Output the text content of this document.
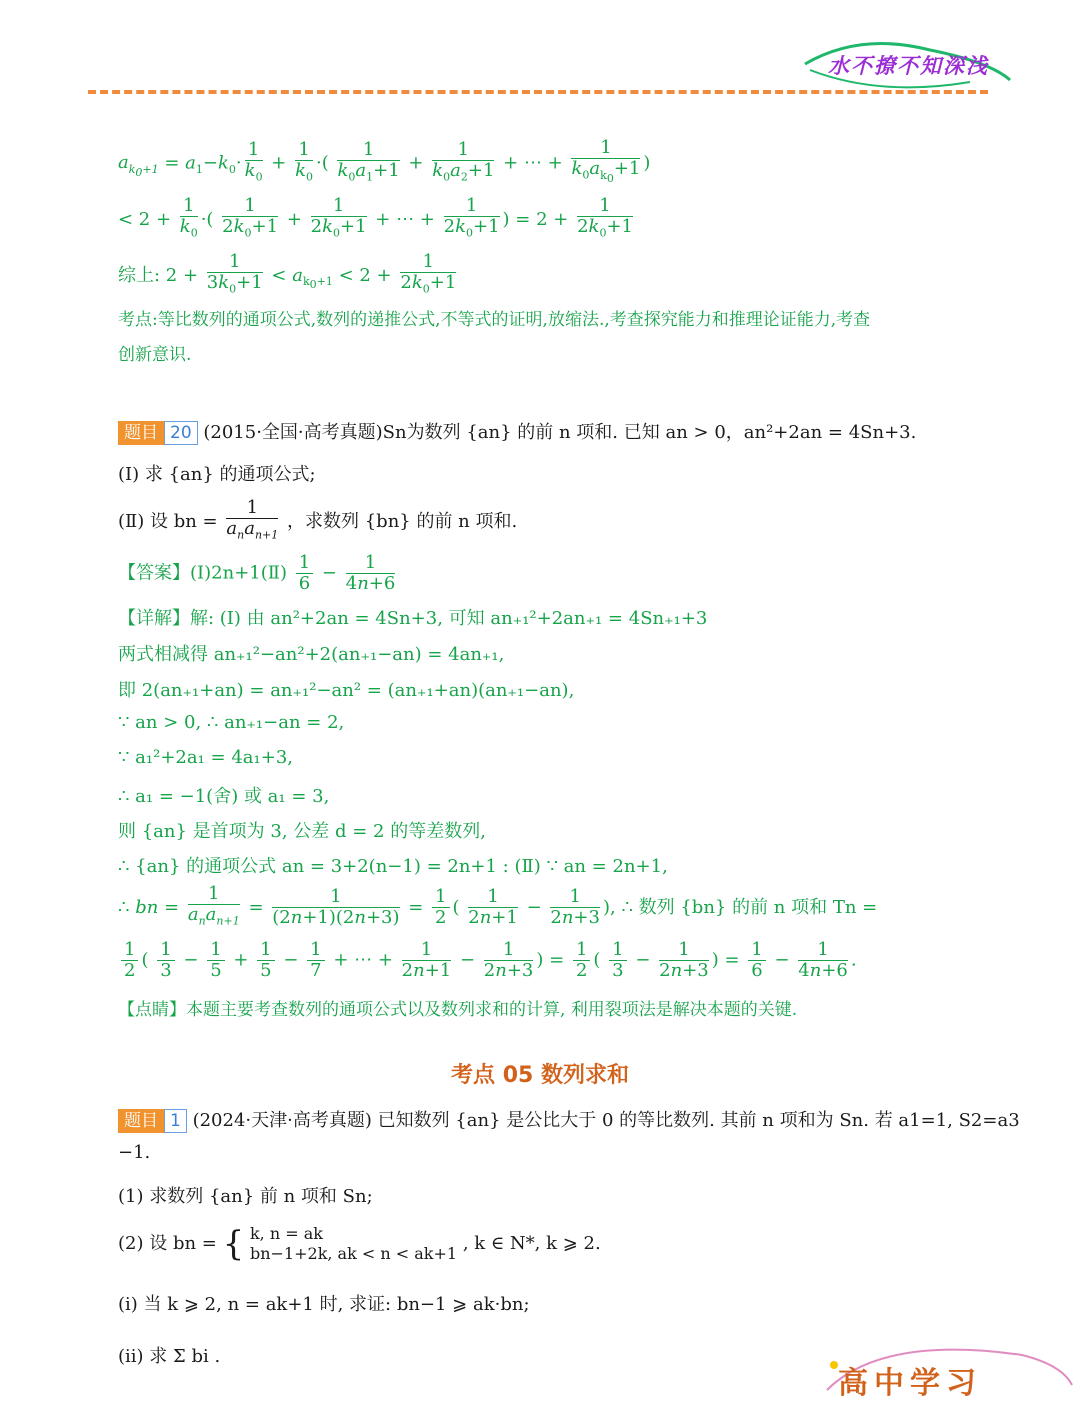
水不撩不知深浅
$a_{k_0+1} = a_1-k_0\cdot \frac{1}{k_0} + \frac{1}{k_0}$ ·( $\frac{1}{k_0a_1+1} + \frac{1}{k_0a_2+1}$ + ⋯ + $\frac{1}{k_0a_{k_0}+1}$ )
< $2 + \frac{1}{k_0}$ ·( $\frac{1}{2k_0+1} + \frac{1}{2k_0+1}$ + ⋯ + $\frac{1}{2k_0+1}$ ) = $2 + \frac{1}{2k_0+1}$
综上: $2 + \frac{1}{3k_0+1} < a_{k_0+1} < 2 + \frac{1}{2k_0+1}$
考点:等比数列的通项公式,数列的递推公式,不等式的证明,放缩法.,考查探究能力和推理论证能力,考查
创新意识.
题目 20 (2015·全国·高考真题)Sn为数列 {an} 的前 n 项和. 已知 an > 0，an²+2an = 4Sn+3.
(Ⅰ) 求 {an} 的通项公式;
(Ⅱ) 设 bn = $\frac{1}{a_na_{n+1}}$ ，求数列 {bn} 的前 n 项和.
【答案】(Ⅰ)2n+1(Ⅱ) $\frac{1}{6} - \frac{1}{4n+6}$
【详解】解: (I) 由 an²+2an = 4Sn+3, 可知 an₊₁²+2an₊₁ = 4Sn₊₁+3
两式相减得 an₊₁²−an²+2(an₊₁−an) = 4an₊₁,
即 2(an₊₁+an) = an₊₁²−an² = (an₊₁+an)(an₊₁−an),
∵ an > 0, ∴ an₊₁−an = 2,
∵ a₁²+2a₁ = 4a₁+3,
∴ a₁ = −1(舍) 或 a₁ = 3,
则 {an} 是首项为 3, 公差 d = 2 的等差数列,
∴ {an} 的通项公式 an = 3+2(n−1) = 2n+1 : (Ⅱ) ∵ an = 2n+1,
∴ bn = $\frac{1}{a_na_{n+1}} = \frac{1}{(2n+1)(2n+3)} = \frac{1}{2}$ ( $\frac{1}{2n+1} - \frac{1}{2n+3}$ ), ∴ 数列 {bn} 的前 n 项和 Tn =
$\frac{1}{2}$ ( $\frac{1}{3} - \frac{1}{5} + \frac{1}{5} - \frac{1}{7}$ + ⋯ + $\frac{1}{2n+1} - \frac{1}{2n+3}$ ) = $\frac{1}{2}$ ( $\frac{1}{3} - \frac{1}{2n+3}$ ) = $\frac{1}{6} - \frac{1}{4n+6}$ .
【点睛】本题主要考查数列的通项公式以及数列求和的计算, 利用裂项法是解决本题的关键.
考点 05 数列求和
题目 1 (2024·天津·高考真题) 已知数列 {an} 是公比大于 0 的等比数列. 其前 n 项和为 Sn. 若 a1=1, S2=a3
−1.
(1) 求数列 {an} 前 n 项和 Sn;
(2) 设 bn = { k, n = ak
bn−1+2k, ak < n < ak+1 , k ∈ N*, k ⩾ 2.
(ⅰ) 当 k ⩾ 2, n = ak+1 时, 求证: bn−1 ⩾ ak·bn;
(ⅱ) 求 Σ bi .
高中学习
